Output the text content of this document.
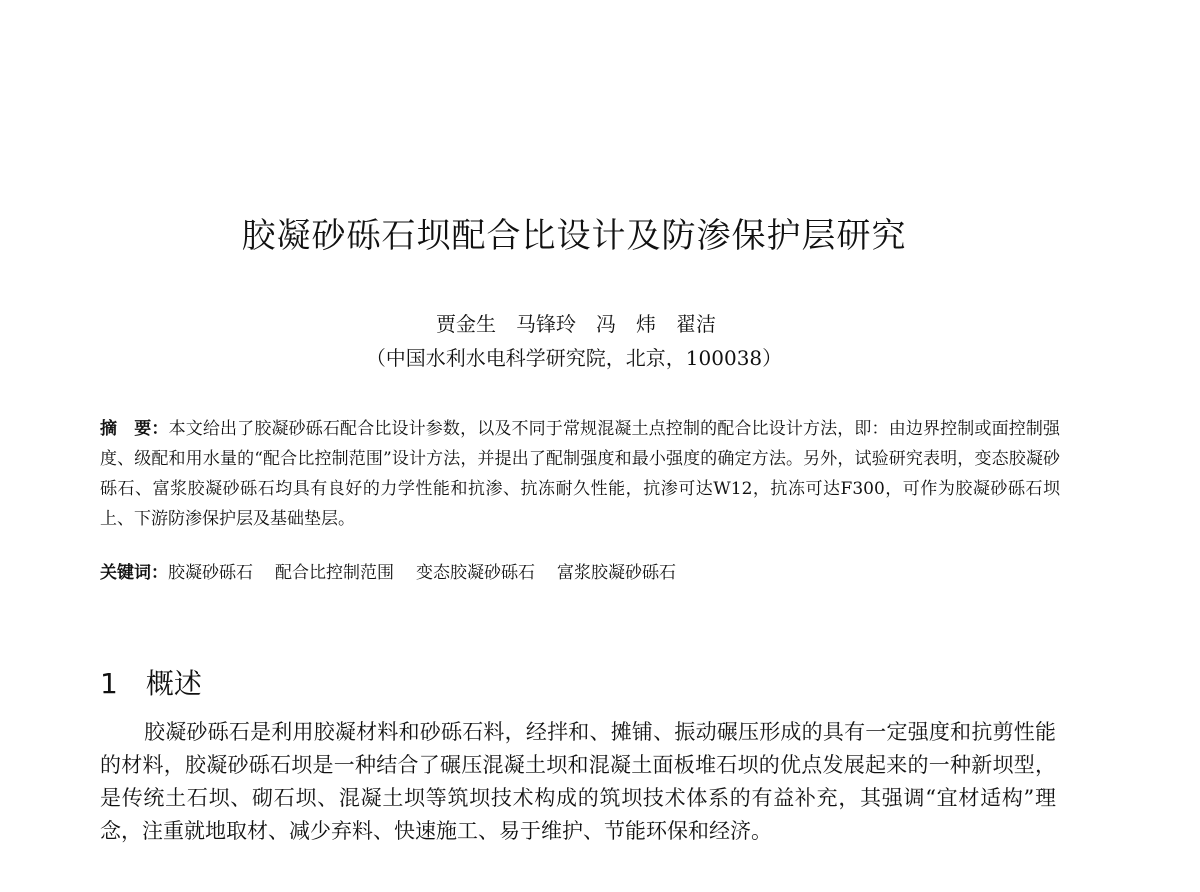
胶凝砂砾石坝配合比设计及防渗保护层研究
贾金生　马锋玲　冯　炜　翟洁
（中国水利水电科学研究院，北京，100038）
摘　要：本文给出了胶凝砂砾石配合比设计参数，以及不同于常规混凝土点控制的配合比设计方法，即：由边界控制或面控制强度、级配和用水量的“配合比控制范围”设计方法，并提出了配制强度和最小强度的确定方法。另外，试验研究表明，变态胶凝砂砾石、富浆胶凝砂砾石均具有良好的力学性能和抗渗、抗冻耐久性能，抗渗可达W12，抗冻可达F300，可作为胶凝砂砾石坝上、下游防渗保护层及基础垫层。
关键词：胶凝砂砾石 配合比控制范围 变态胶凝砂砾石 富浆胶凝砂砾石
1 概述
胶凝砂砾石是利用胶凝材料和砂砾石料，经拌和、摊铺、振动碾压形成的具有一定强度和抗剪性能的材料，胶凝砂砾石坝是一种结合了碾压混凝土坝和混凝土面板堆石坝的优点发展起来的一种新坝型，是传统土石坝、砌石坝、混凝土坝等筑坝技术构成的筑坝技术体系的有益补充，其强调“宜材适构”理念，注重就地取材、减少弃料、快速施工、易于维护、节能环保和经济。
